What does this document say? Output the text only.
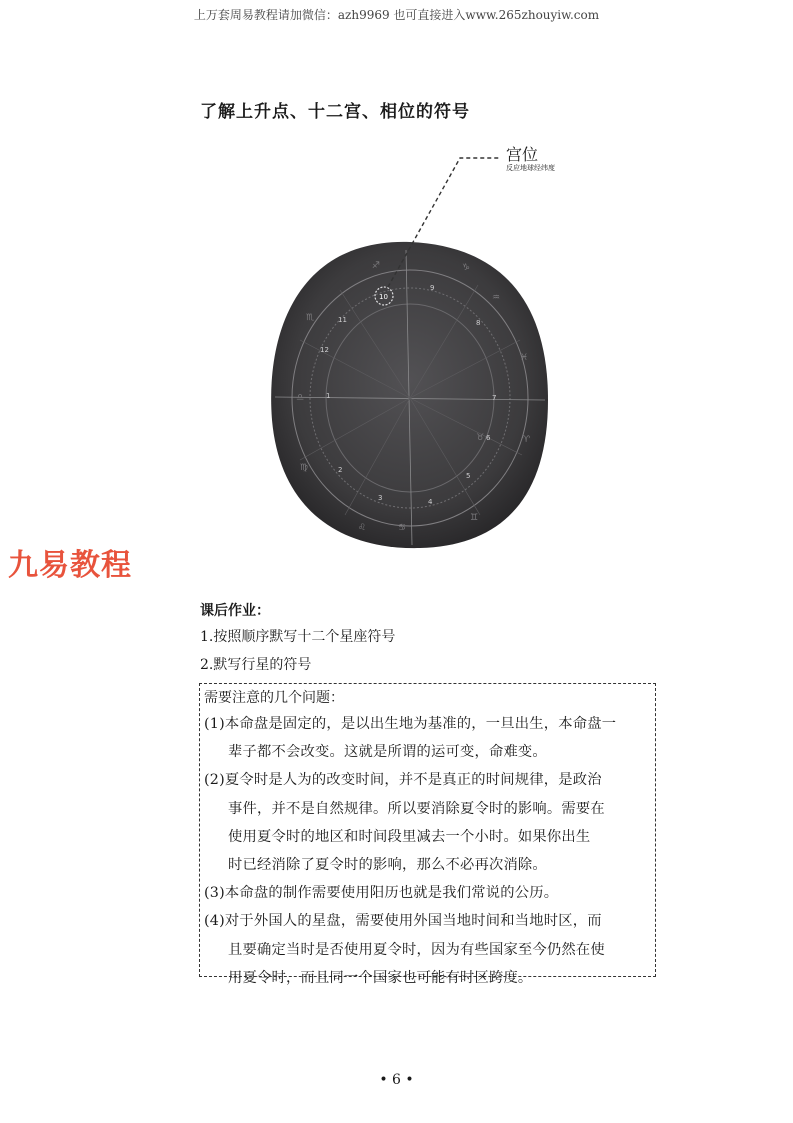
上万套周易教程请加微信：azh9969 也可直接进入www.265zhouyiw.com
了解上升点、十二宫、相位的符号
1
2
3	4
5
6
7
8
9
11
12
♐	♑
♒
♓
♈
♉
♊
♋
♌
♍
♎
♏
10
宫位
反应地球经纬度
九易教程
课后作业：
1.按照顺序默写十二个星座符号
2.默写行星的符号
需要注意的几个问题：
(1)本命盘是固定的，是以出生地为基准的，一旦出生，本命盘一
辈子都不会改变。这就是所谓的运可变，命难变。
(2)夏令时是人为的改变时间，并不是真正的时间规律，是政治
事件，并不是自然规律。所以要消除夏令时的影响。需要在
使用夏令时的地区和时间段里减去一个小时。如果你出生
时已经消除了夏令时的影响，那么不必再次消除。
(3)本命盘的制作需要使用阳历也就是我们常说的公历。
(4)对于外国人的星盘，需要使用外国当地时间和当地时区，而
且要确定当时是否使用夏令时，因为有些国家至今仍然在使
用夏令时，而且同一个国家也可能有时区跨度。
• 6 •
